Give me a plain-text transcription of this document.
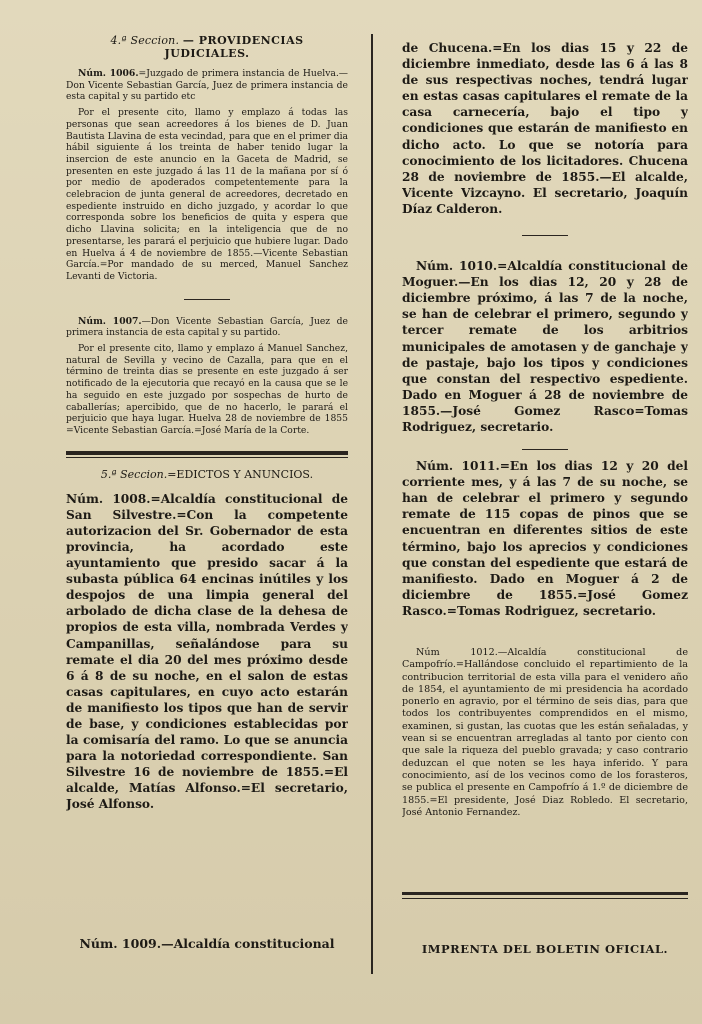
4.ª Seccion. — PROVIDENCIAS JUDICIALES.

Núm. 1006.=Juzgado de primera instancia de Huelva.—Don Vicente Sebastian García, Juez de primera instancia de esta capital y su partido etc

Por el presente cito, llamo y emplazo á todas las personas que sean acreedores á los bienes de D. Juan Bautista Llavina de esta vecindad, para que en el primer dia hábil siguiente á los treinta de haber tenido lugar la insercion de este anuncio en la Gaceta de Madrid, se presenten en este juzgado á las 11 de la mañana por sí ó por medio de apoderados competentemente para la celebracion de junta general de acreedores, decretado en espediente instruido en dicho juzgado, y acordar lo que corresponda sobre los beneficios de quita y espera que dicho Llavina solicita; en la inteligencia que de no presentarse, les parará el perjuicio que hubiere lugar. Dado en Huelva á 4 de noviembre de 1855.—Vicente Sebastian García.=Por mandado de su merced, Manuel Sanchez Levanti de Victoria.

Núm. 1007.—Don Vicente Sebastian García, Juez de primera instancia de esta capital y su partido.

Por el presente cito, llamo y emplazo á Manuel Sanchez, natural de Sevilla y vecino de Cazalla, para que en el término de treinta dias se presente en este juzgado á ser notificado de la ejecutoria que recayó en la causa que se le ha seguido en este juzgado por sospechas de hurto de caballerías; apercibido, que de no hacerlo, le parará el perjuicio que haya lugar. Huelva 28 de noviembre de 1855 =Vicente Sebastian García.=José María de la Corte.

5.ª Seccion.=EDICTOS Y ANUNCIOS.

Núm. 1008.=Alcaldía constitucional de San Silvestre.=Con la competente autorizacion del Sr. Gobernador de esta provincia, ha acordado este ayuntamiento que presido sacar á la subasta pública 64 encinas inútiles y los despojos de una limpia general del arbolado de dicha clase de la dehesa de propios de esta villa, nombrada Verdes y Campanillas, señalándose para su remate el dia 20 del mes próximo desde 6 á 8 de su noche, en el salon de estas casas capitulares, en cuyo acto estarán de manifiesto los tipos que han de servir de base, y condiciones establecidas por la comisaría del ramo. Lo que se anuncia para la notoriedad correspondiente. San Silvestre 16 de noviembre de 1855.=El alcalde, Matías Alfonso.=El secretario, José Alfonso.

Núm. 1009.—Alcaldía constitucional

de Chucena.=En los dias 15 y 22 de diciembre inmediato, desde las 6 á las 8 de sus respectivas noches, tendrá lugar en estas casas capitulares el remate de la casa carnecería, bajo el tipo y condiciones que estarán de manifiesto en dicho acto. Lo que se notoría para conocimiento de los licitadores. Chucena 28 de noviembre de 1855.—El alcalde, Vicente Vizcayno. El secretario, Joaquín Díaz Calderon.

Núm. 1010.=Alcaldía constitucional de Moguer.—En los dias 12, 20 y 28 de diciembre próximo, á las 7 de la noche, se han de celebrar el primero, segundo y tercer remate de los arbitrios municipales de amotasen y de ganchaje y de pastaje, bajo los tipos y condiciones que constan del respectivo espediente. Dado en Moguer á 28 de noviembre de 1855.—José Gomez Rasco=Tomas Rodriguez, secretario.

Núm. 1011.=En los dias 12 y 20 del corriente mes, y á las 7 de su noche, se han de celebrar el primero y segundo remate de 115 copas de pinos que se encuentran en diferentes sitios de este término, bajo los aprecios y condiciones que constan del espediente que estará de manifiesto. Dado en Moguer á 2 de diciembre de 1855.=José Gomez Rasco.=Tomas Rodriguez, secretario.

Núm 1012.—Alcaldía constitucional de Campofrío.=Hallándose concluido el repartimiento de la contribucion territorial de esta villa para el venidero año de 1854, el ayuntamiento de mi presidencia ha acordado ponerlo en agravio, por el término de seis dias, para que todos los contribuyentes comprendidos en el mismo, examinen, si gustan, las cuotas que les están señaladas, y vean si se encuentran arregladas al tanto por ciento con que sale la riqueza del pueblo gravada; y caso contrario deduzcan el que noten se les haya inferido. Y para conocimiento, así de los vecinos como de los forasteros, se publica el presente en Campofrío á 1.º de diciembre de 1855.=El presidente, José Diaz Robledo. El secretario, José Antonio Fernandez.

IMPRENTA DEL BOLETIN OFICIAL.
